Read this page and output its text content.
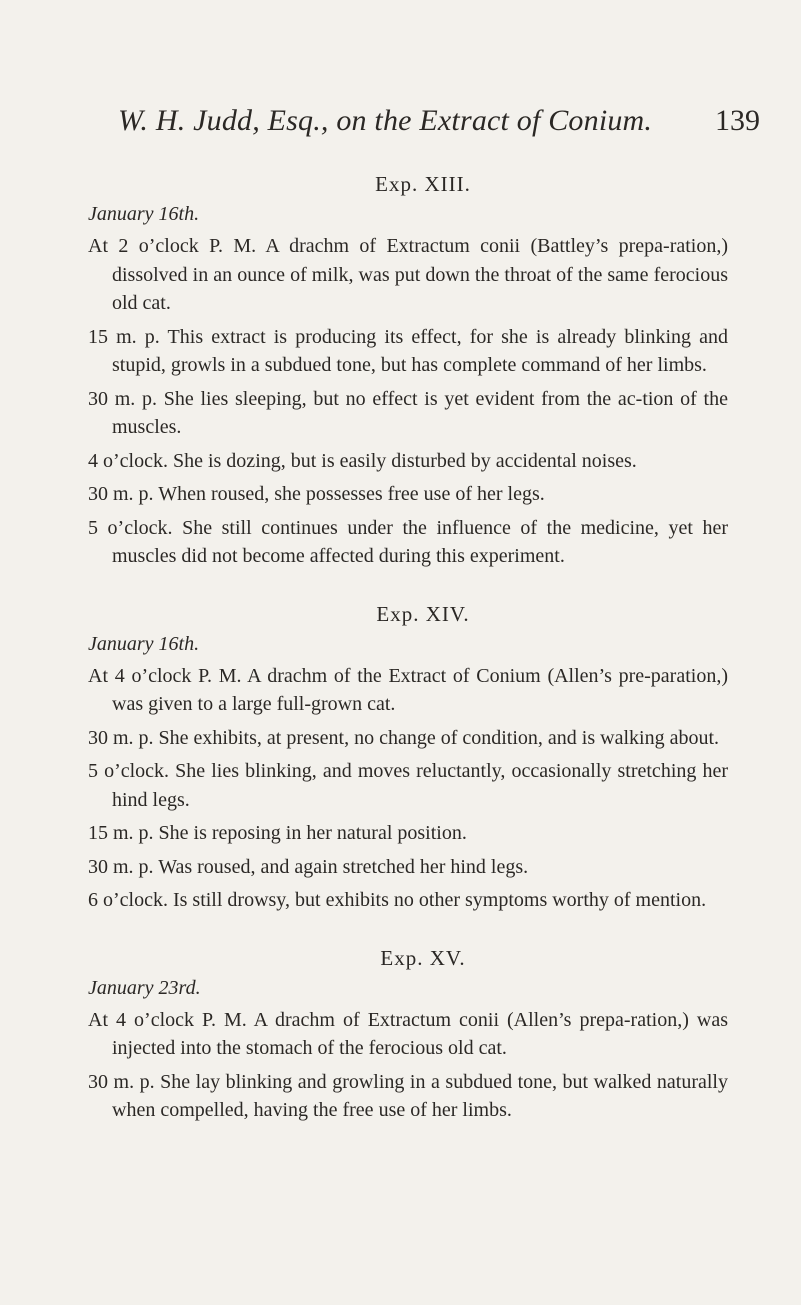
W. H. Judd, Esq., on the Extract of Conium. 139
Exp. XIII.
January 16th.

At 2 o’clock P. M. A drachm of Extractum conii (Battley’s prepa-ration,) dissolved in an ounce of milk, was put down the throat of the same ferocious old cat.

15 m. p. This extract is producing its effect, for she is already blinking and stupid, growls in a subdued tone, but has complete command of her limbs.

30 m. p. She lies sleeping, but no effect is yet evident from the ac-tion of the muscles.

4 o’clock. She is dozing, but is easily disturbed by accidental noises.

30 m. p. When roused, she possesses free use of her legs.

5 o’clock. She still continues under the influence of the medicine, yet her muscles did not become affected during this experiment.

Exp. XIV.
January 16th.

At 4 o’clock P. M. A drachm of the Extract of Conium (Allen’s pre-paration,) was given to a large full-grown cat.

30 m. p. She exhibits, at present, no change of condition, and is walking about.

5 o’clock. She lies blinking, and moves reluctantly, occasionally stretching her hind legs.

15 m. p. She is reposing in her natural position.

30 m. p. Was roused, and again stretched her hind legs.

6 o’clock. Is still drowsy, but exhibits no other symptoms worthy of mention.

Exp. XV.
January 23rd.

At 4 o’clock P. M. A drachm of Extractum conii (Allen’s prepa-ration,) was injected into the stomach of the ferocious old cat.

30 m. p. She lay blinking and growling in a subdued tone, but walked naturally when compelled, having the free use of her limbs.
